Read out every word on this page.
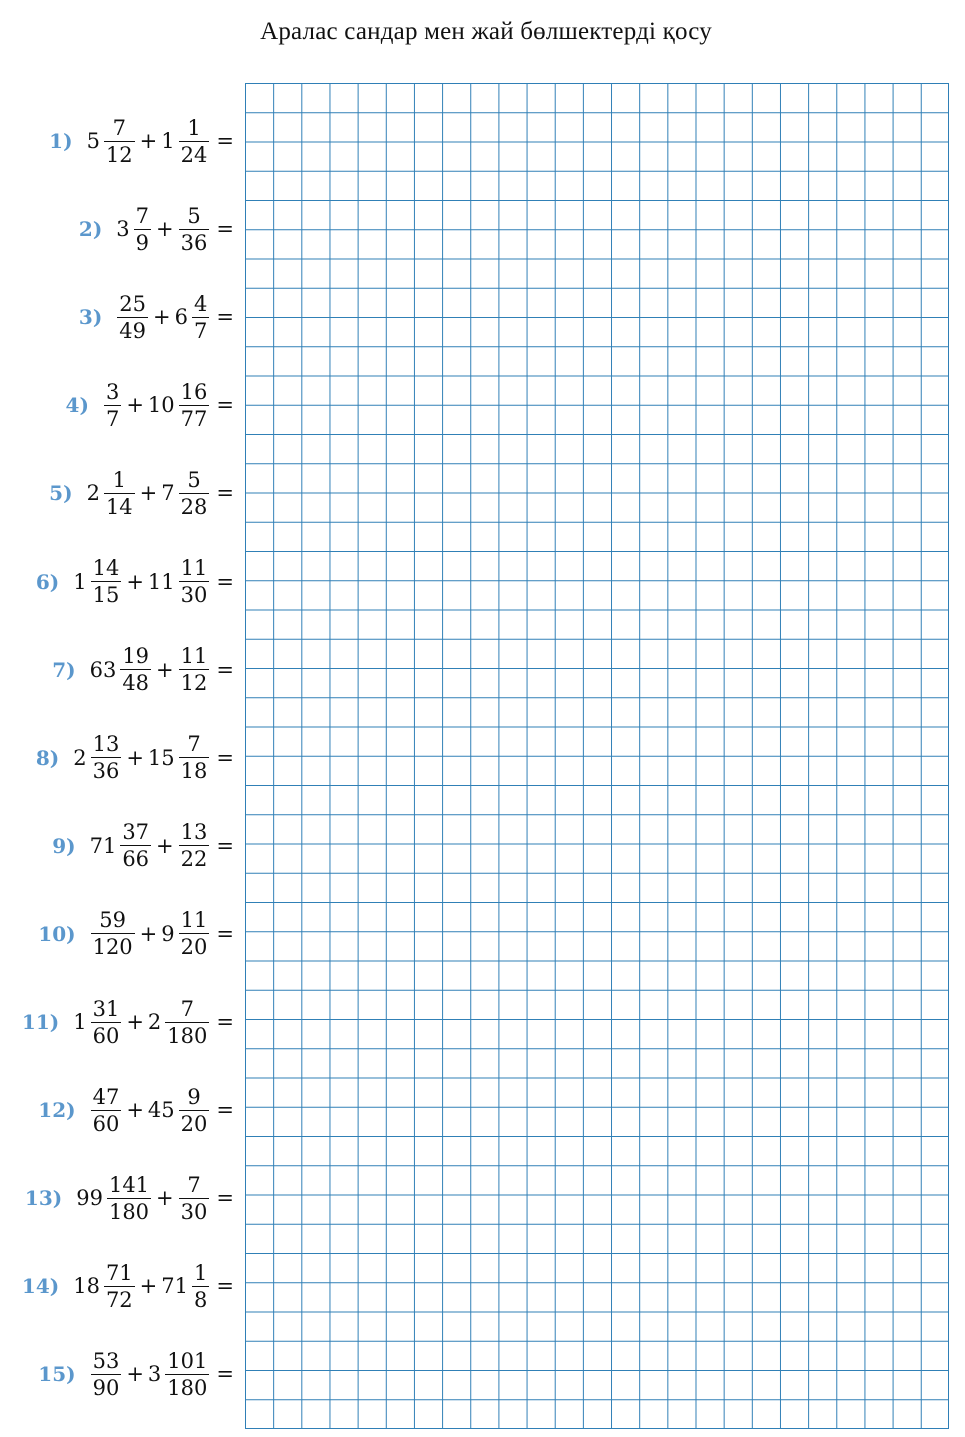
Аралас сандар мен жай бөлшектерді қосу
1) $5 \frac{7}{12} + 1 \frac{1}{24}$ =
2) $3 \frac{7}{9} + \frac{5}{36}$ =
$3) \frac{25}{49} + 6 \frac{4}{7}$ =
$4) \frac{3}{7} + 10 \frac{16}{77}$ =
5) $2 \frac{1}{14} + 7 \frac{5}{28}$ =
6) $1 \frac{14}{15} + 11 \frac{11}{30}$ =
7) $63 \frac{19}{48} + \frac{11}{12}$ =
8) $2 \frac{13}{36} + 15 \frac{7}{18}$ =
9) $71 \frac{37}{66} + \frac{13}{22}$ =
$10) \frac{59}{120} + 9 \frac{11}{20}$ =
11) $1 \frac{31}{60} + 2 \frac{7}{180}$ =
$12) \frac{47}{60} + 45 \frac{9}{20}$ =
13) $99 \frac{141}{180} + \frac{7}{30}$ =
14) $18 \frac{71}{72} + 71 \frac{1}{8}$ =
$15) \frac{53}{90} + 3 \frac{101}{180}$ =
